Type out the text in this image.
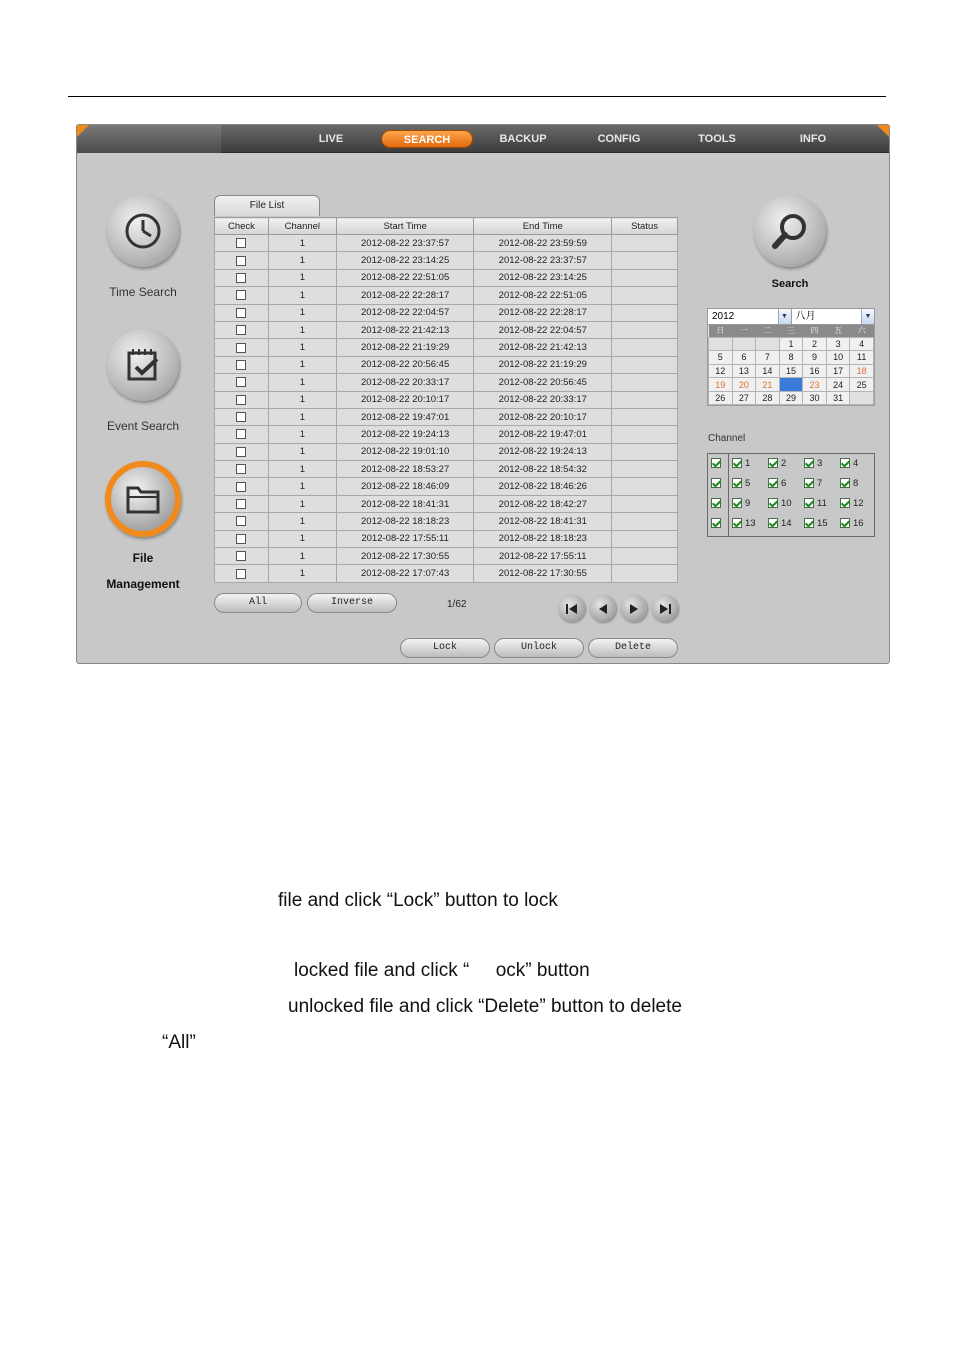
LIVE	SEARCH	BACKUP	CONFIG	TOOLS	INFO
Time Search
Event Search
File
Management
File List
Check	Channel	Start Time	End Time	Status
	1	2012-08-22 23:37:57	2012-08-22 23:59:59	
	1	2012-08-22 23:14:25	2012-08-22 23:37:57	
	1	2012-08-22 22:51:05	2012-08-22 23:14:25	
	1	2012-08-22 22:28:17	2012-08-22 22:51:05	
	1	2012-08-22 22:04:57	2012-08-22 22:28:17	
	1	2012-08-22 21:42:13	2012-08-22 22:04:57	
	1	2012-08-22 21:19:29	2012-08-22 21:42:13	
	1	2012-08-22 20:56:45	2012-08-22 21:19:29	
	1	2012-08-22 20:33:17	2012-08-22 20:56:45	
	1	2012-08-22 20:10:17	2012-08-22 20:33:17	
	1	2012-08-22 19:47:01	2012-08-22 20:10:17	
	1	2012-08-22 19:24:13	2012-08-22 19:47:01	
	1	2012-08-22 19:01:10	2012-08-22 19:24:13	
	1	2012-08-22 18:53:27	2012-08-22 18:54:32	
	1	2012-08-22 18:46:09	2012-08-22 18:46:26	
	1	2012-08-22 18:41:31	2012-08-22 18:42:27	
	1	2012-08-22 18:18:23	2012-08-22 18:41:31	
	1	2012-08-22 17:55:11	2012-08-22 18:18:23	
	1	2012-08-22 17:30:55	2012-08-22 17:55:11	
	1	2012-08-22 17:07:43	2012-08-22 17:30:55	
All	Inverse	1/62
Lock	Unlock	Delete
Search
2012	▼ 八月	▼
日	一	二	三	四	五	六
			1	2	3	4
5	6	7	8	9	10	11
12	13	14	15	16	17	18
19	20	21	22	23	24	25
26	27	28	29	30	31	
Channel
1	2	3	4
5	6	7	8
9	10	11	12
13	14	15	16
file and click “Lock” button to lock
locked file and click “     ock” button
unlocked file and click “Delete” button to delete
“All”
